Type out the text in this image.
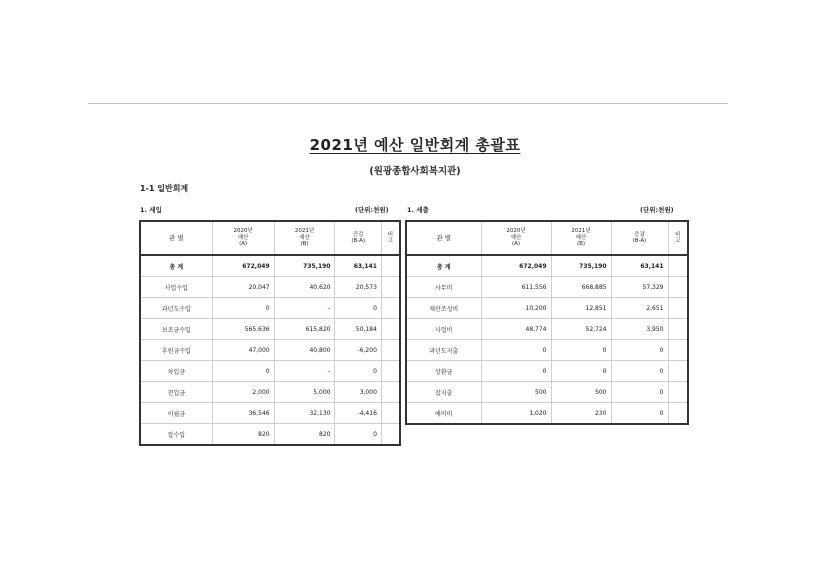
2021년 예산 일반회계 총괄표
(원광종합사회복지관)
1-1 일반회계
1. 세입	(단위:천원)	1. 세출	(단위:천원)
관 별	2020년
예산
(A)	2021년
예산
(B)	증감
(B-A)	비
고

총 계	672,049	735,190	63,141	
사업수입	20,047	40,620	20,573	
과년도수입	0	–	0	
보조금수입	565,636	615,820	50,184	
후원금수입	47,000	40,800	-6,200	
차입금	0	–	0	
전입금	2,000	5,000	3,000	
이월금	36,546	32,130	-4,416	
잡수입	820	820	0	
관 별	2020년
예산
(A)	2021년
예산
(B)	증감
(B-A)	비
고

총 계	672,049	735,190	63,141	
사무비	611,556	668,885	57,329	
재산조성비	10,200	12,851	2,651	
사업비	48,774	52,724	3,950	
과년도지출	0	0	0	
상환금	0	0	0	
잡지출	500	500	0	
예비비	1,020	230	0	
